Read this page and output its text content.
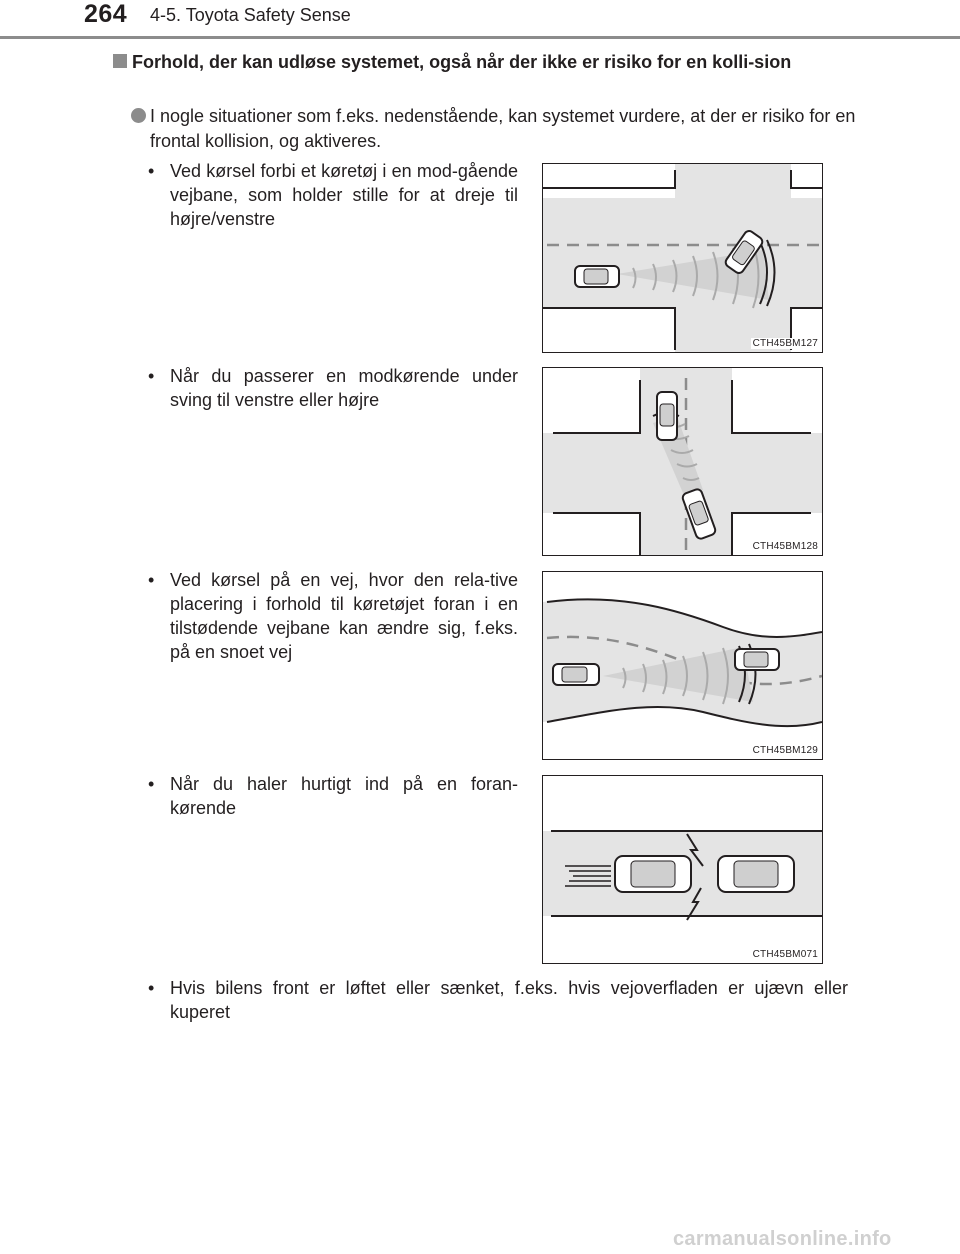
264 4-5. Toyota Safety Sense
Forhold, der kan udløse systemet, også når der ikke er risiko for en kolli-sion
I nogle situationer som f.eks. nedenstående, kan systemet vurdere, at der er risiko for en frontal kollision, og aktiveres.
• Ved kørsel forbi et køretøj i en mod-gående vejbane, som holder stille for at dreje til højre/venstre
CTH45BM127
• Når du passerer en modkørende under sving til venstre eller højre
CTH45BM128
• Ved kørsel på en vej, hvor den rela-tive placering i forhold til køretøjet foran i en tilstødende vejbane kan ændre sig, f.eks. på en snoet vej
CTH45BM129
• Når du haler hurtigt ind på en foran-kørende
CTH45BM071
• Hvis bilens front er løftet eller sænket, f.eks. hvis vejoverfladen er ujævn eller kuperet
carmanualsonline.info
